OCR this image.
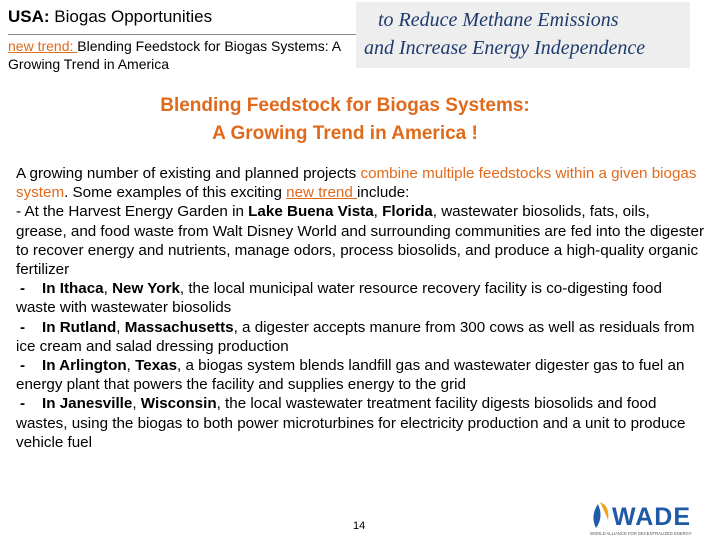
USA: Biogas Opportunities
new trend: Blending Feedstock for Biogas Systems: A Growing Trend in America
to Reduce Methane Emissions
and Increase Energy Independence
Blending Feedstock for Biogas Systems:
A Growing Trend in America !

A growing number of existing and planned projects combine multiple feedstocks within a given biogas system. Some examples of this exciting new trend include:

- At the Harvest Energy Garden in Lake Buena Vista, Florida, wastewater biosolids, fats, oils, grease, and food waste from Walt Disney World and surrounding communities are fed into the digester to recover energy and nutrients, manage odors, process biosolids, and produce a high-quality organic fertilizer

- In Ithaca, New York, the local municipal water resource recovery facility is co-digesting food waste with wastewater biosolids

- In Rutland, Massachusetts, a digester accepts manure from 300 cows as well as residuals from ice cream and salad dressing production

- In Arlington, Texas, a biogas system blends landfill gas and wastewater digester gas to fuel an energy plant that powers the facility and supplies energy to the grid

- In Janesville, Wisconsin, the local wastewater treatment facility digests biosolids and food wastes, using the biogas to both power microturbines for electricity production and a unit to produce vehicle fuel

14	WADE
WORLD ALLIANCE FOR DECENTRALIZED ENERGY
